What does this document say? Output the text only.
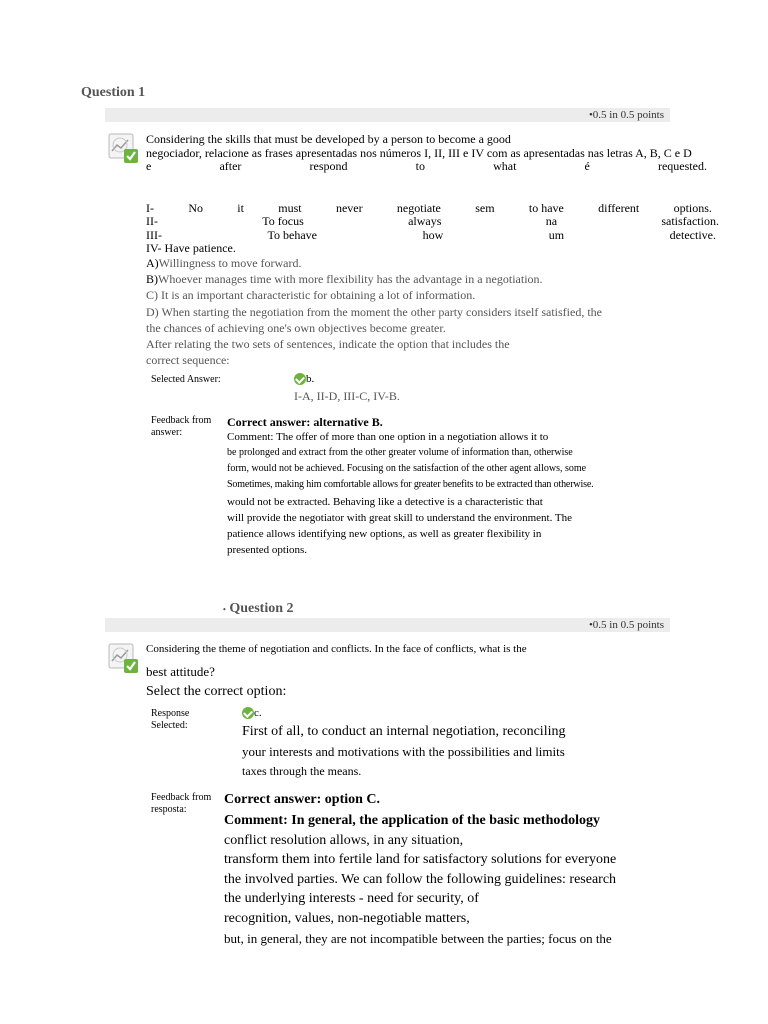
Question 1
•0.5 in 0.5 points
Considering the skills that must be developed by a person to become a good
negociador, relacione as frases apresentadas nos números I, II, III e IV com as apresentadas nas letras A, B, C e D
e	after	respond	to	what	é	requested.
I-	No	it	must	never	negotiate	sem	to have	different	options.
II-	To focus	always	na	satisfaction.
III-	To behave	how	um	detective.
IV- Have patience.
A)Willingness to move forward.
B)Whoever manages time with more flexibility has the advantage in a negotiation.
C) It is an important characteristic for obtaining a lot of information.
D) When starting the negotiation from the moment the other party considers itself satisfied, the
the chances of achieving one's own objectives become greater.
After relating the two sets of sentences, indicate the option that includes the
correct sequence:
Selected Answer:	b.
I-A, II-D, III-C, IV-B.
Feedback from
answer:
Correct answer: alternative B.
Comment: The offer of more than one option in a negotiation allows it to
be prolonged and extract from the other greater volume of information than, otherwise
form, would not be achieved. Focusing on the satisfaction of the other agent allows, some
Sometimes, making him comfortable allows for greater benefits to be extracted than otherwise.
would not be extracted. Behaving like a detective is a characteristic that
will provide the negotiator with great skill to understand the environment. The
patience allows identifying new options, as well as greater flexibility in
presented options.
• Question 2
•0.5 in 0.5 points
Considering the theme of negotiation and conflicts. In the face of conflicts, what is the
best attitude?
Select the correct option:
Response
Selected:
c.
First of all, to conduct an internal negotiation, reconciling
your interests and motivations with the possibilities and limits
taxes through the means.
Feedback from
resposta:
Correct answer: option C.
Comment: In general, the application of the basic methodology
conflict resolution allows, in any situation,
transform them into fertile land for satisfactory solutions for everyone
the involved parties. We can follow the following guidelines: research
the underlying interests - need for security, of
recognition, values, non-negotiable matters,
but, in general, they are not incompatible between the parties; focus on the
